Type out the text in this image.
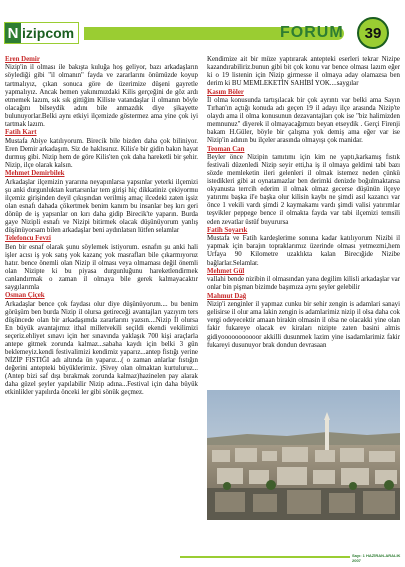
N izipcom	FORUM	39

Eren Demir

Nizip'in il olması ile bakışta kuluğa hoş geliyor, bazı arkadaşların söylediği gibi "il olmanın" fayda ve zararlarını önümüzde koyup tartmalıyız, çıkan sonuca göre de üzerimize düşeni gayretle yapmalıyız. Ancak hemen yakınımızdaki Kilis gerçeğini de göz ardı etmemek lazım, sık sık gittiğim Kiliste vatandaşlar il olmanın böyle olacağını bilseydik adını bile anmazdık diye şikayette bulunuyorlar.Belki aynı etkiyi ilçemizde göstermez ama yine çok iyi tartmak lazım.

Fatih Kart

Mustafa Abiye katılıyorum. Birecik bile bizden daha çok biliniyor. Eren Demir arkadaşım. Siz de haklısınız. Kilis'e bir gidin bakın hayat durmuş gibi. Nizip hem de göre Kilis'ten çok daha hareketli bir şehir. Nizip, ilçe olarak kalsın.

Mehmet Demirbilek

Arkadaşlar ilçemizin yararına neyapınlarsa yapsınlar yeterki ilçemizi şu anki durgunluktan kurtarsınlar tem girişi hiç dikkatiniz çekiyormu ilçemiz girişinden deyil çıkışından verilmiş amaç ilcedeki zaten işsiz olan esnafı dahada çökertmek benim kanım bu insanlar beş kırı geri dönüp de iş yapsınlar on kırı daha gidip Birecik'te yaparın. Burda gaye Nizipli esnafı ve Nizipi bitirmek olacak düşünüyorum yanlış düşünüyorsam bilen arkadaşlar beni aydınlatsın lütfen selamlar

Telefoncu Fevzi

Ben bir esnaf olarak şunu söylemek istiyorum. esnafın şu anki hali işler acısı iş yok satış yok kazanç yok masrafları bile çıkarmıyoruz hatır. bence önemli olan Nizip il olması veya olmaması değil önemli olan Nizipte ki bu piyasa durgunluğunu hareketlendirmek canlandırmak o zaman il olmaya bile gerek kalmayacaktır saygılarımla

Osman Çiçek

Arkadaşlar bence çok faydası olur diye düşünüyorum.... bu benim görüşüm ben burda Nizip il olursa getireceği avantajları yazıyım ters düşüncede olan bir arkadaşımda zararlarını yazsın....Nizip İl olursa En büyük avantajımız ithal milletvekili seçildi ekendi vekilimizi seçeriz.ehliyet sınavı için her sınavında yaklaşık 700 kişi araçlarla antepe gitmek zorunda kalmaz...sabaha kaydı için belki 3 gün beklemeyiz.kendi festivalimizi kendimiz yaparız...antep fistığı yerine NİZİP FISTIĞI adı altında ün yaparız...( o zaman anlarlar fıstığın değerini antepteki büyüklerimiz. )Sivey olan olmaktan kurtuluruz...(Antep bizi saf dışı bırakmak zorunda kalmaz)hazinelen pay alarak daha güzel şeyler yapılabilir Nizip adına...Festival için daha büyük etkinlikler yapılırda önceki ler gibi sönük geçmez.

Kendimize ait bir müze yaptırarak antepteki eserleri tekrar Nizipe kazandırabiliriz.bunun gibi bit çok konu var bence olması lazım eğer ki o 19 listenin için Nizip girmesse il olmaya aday olamazsa ben derim ki BU MEMLEKETİN SAHİBİ YOK....saygılar

Kasım Böler

İl olma konusunda tartışılacak bir çok ayrıntı var belki ama Sayın Tırhan'ın açtığı konuda adı geçen 19 il adayı ilçe arasında Nizip'te olaydı ama il olma konusunun dezavantajları çok ise "biz halimizden memnunuz" diyerek il olmayacağımızı beyan etseydik . Gerçi Firenji bakam H.Güler, böyle bir çalışma yok demiş ama eğer var ise Nizip'in adının bu ilçeler arasında olmayışı çok manidar.

Teoman Can

Beyler önce Nizipin tamıtımı için kim ne yaptı,karkamış fıstık festivali düzenledi Nizip seyir etti,ha iş il olmaya geldimi tabi bazı sözde memleketin ileri gelenleri il olmak istemez neden çünkü istedikleri gibi at oynatamazlar ben derimki denizde boğulmaktansa okyanusta terrcih ederim il olmak olmaz gecerse düşünün ilçeye yatırımı başka il'e başka olur kilisin kaybı ne şimdi asıl kazancı var önce 1 vekili vardı şimdi 2 kaymakamı vardı şimdi valisi yatırımlar teşvikler peppege bence il olmakta fayda var tabi ilçemizi temsili eden zevatlar üstüf buyurursa

Fatih Soyarık

Mustafa ve Fatih kardeşlerime sonuna kadar katılıyorum Nizibi il yapmak için barajın topraklarımız üzerinde olması yetmezmi,hem Urfaya 90 Kilometre uzaklıkta kalan Birecığide Nizibe bağlarlar.Selamlar.

Mehmet Gül

vallahi bende nizibin il olmasından yana degilim kilisli arkadaşlar var onlar bin pişman bizimde başımıza aynı şeyler gelebilir

Mahmut Dağ

Nizip'i zenginler il yapmaz cunku bir sehir zengin is adamlari sanayi gelisirse il olur ama lakin zengin is adamlarimiz nizip il olsa daha cok vergi odeyecektir amaan birakin olmasin il olsa ne olacakki yine olan fakir fukareye olacak ev kiraları nizipte zaten basini almis gidiyooooooooooor akkilli dusunmek lazim yine isadamlarimiz fakir fukareyi dusunuyor brak dondun devrasaan

Sayı: 1 HAZİRAN-ARALIK 2007
